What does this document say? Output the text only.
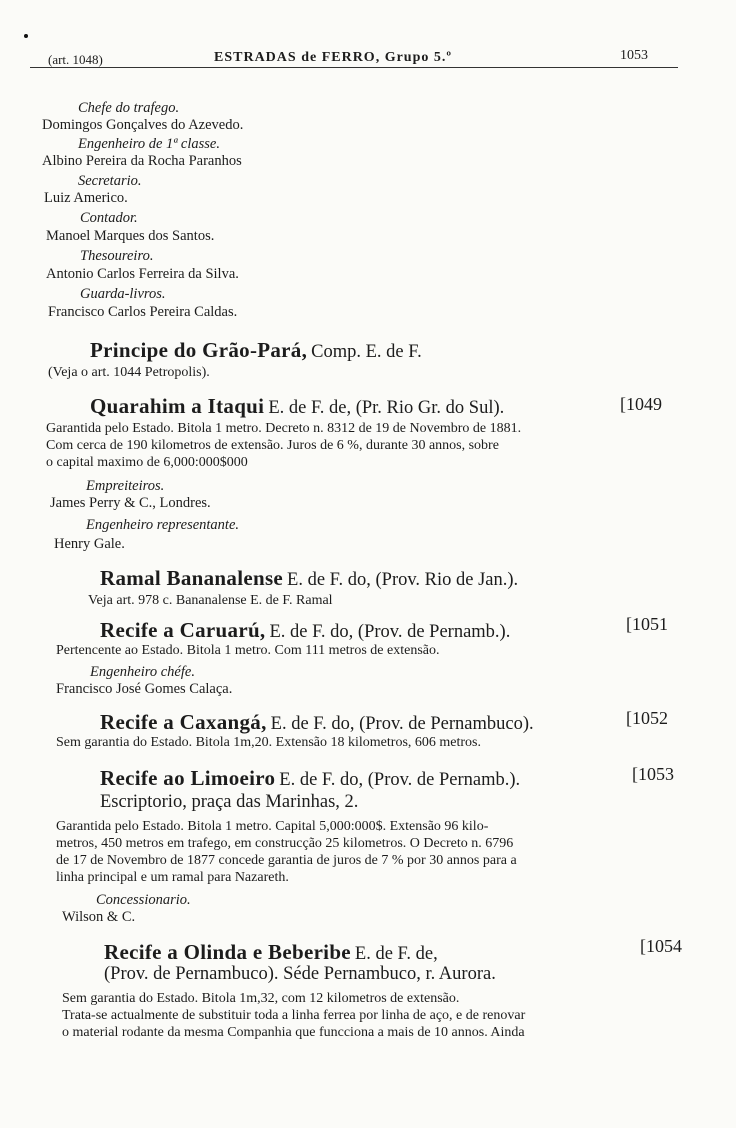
(art. 1048)	ESTRADAS de FERRO, Grupo 5.º	1053
Chefe do trafego.
Domingos Gonçalves do Azevedo.
Engenheiro de 1ª classe.
Albino Pereira da Rocha Paranhos
Secretario.
Luiz Americo.
Contador.
Manoel Marques dos Santos.
Thesoureiro.
Antonio Carlos Ferreira da Silva.
Guarda-livros.
Francisco Carlos Pereira Caldas.
Principe do Grão-Pará, Comp. E. de F.
(Veja o art. 1044 Petropolis).
Quarahim a Itaqui E. de F. de, (Pr. Rio Gr. do Sul).	[1049
Garantida pelo Estado. Bitola 1 metro. Decreto n. 8312 de 19 de Novembro de 1881.
Com cerca de 190 kilometros de extensão. Juros de 6 %, durante 30 annos, sobre
o capital maximo de 6,000:000$000
Empreiteiros.
James Perry & C., Londres.
Engenheiro representante.
Henry Gale.
Ramal Bananalense E. de F. do, (Prov. Rio de Jan.).
Veja art. 978 c. Bananalense E. de F. Ramal
Recife a Caruarú, E. de F. do, (Prov. de Pernamb.).	[1051
Pertencente ao Estado. Bitola 1 metro. Com 111 metros de extensão.
Engenheiro chéfe.
Francisco José Gomes Calaça.
Recife a Caxangá, E. de F. do, (Prov. de Pernambuco).	[1052
Sem garantia do Estado. Bitola 1m,20. Extensão 18 kilometros, 606 metros.
Recife ao Limoeiro E. de F. do, (Prov. de Pernamb.).	[1053
Escriptorio, praça das Marinhas, 2.
Garantida pelo Estado. Bitola 1 metro. Capital 5,000:000$. Extensão 96 kilo-
metros, 450 metros em trafego, em construcção 25 kilometros. O Decreto n. 6796
de 17 de Novembro de 1877 concede garantia de juros de 7 % por 30 annos para a
linha principal e um ramal para Nazareth.
Concessionario.
Wilson & C.
Recife a Olinda e Beberibe E. de F. de,	[1054
(Prov. de Pernambuco). Séde Pernambuco, r. Aurora.
Sem garantia do Estado. Bitola 1m,32, com 12 kilometros de extensão.
Trata-se actualmente de substituir toda a linha ferrea por linha de aço, e de renovar
o material rodante da mesma Companhia que funcciona a mais de 10 annos. Ainda
